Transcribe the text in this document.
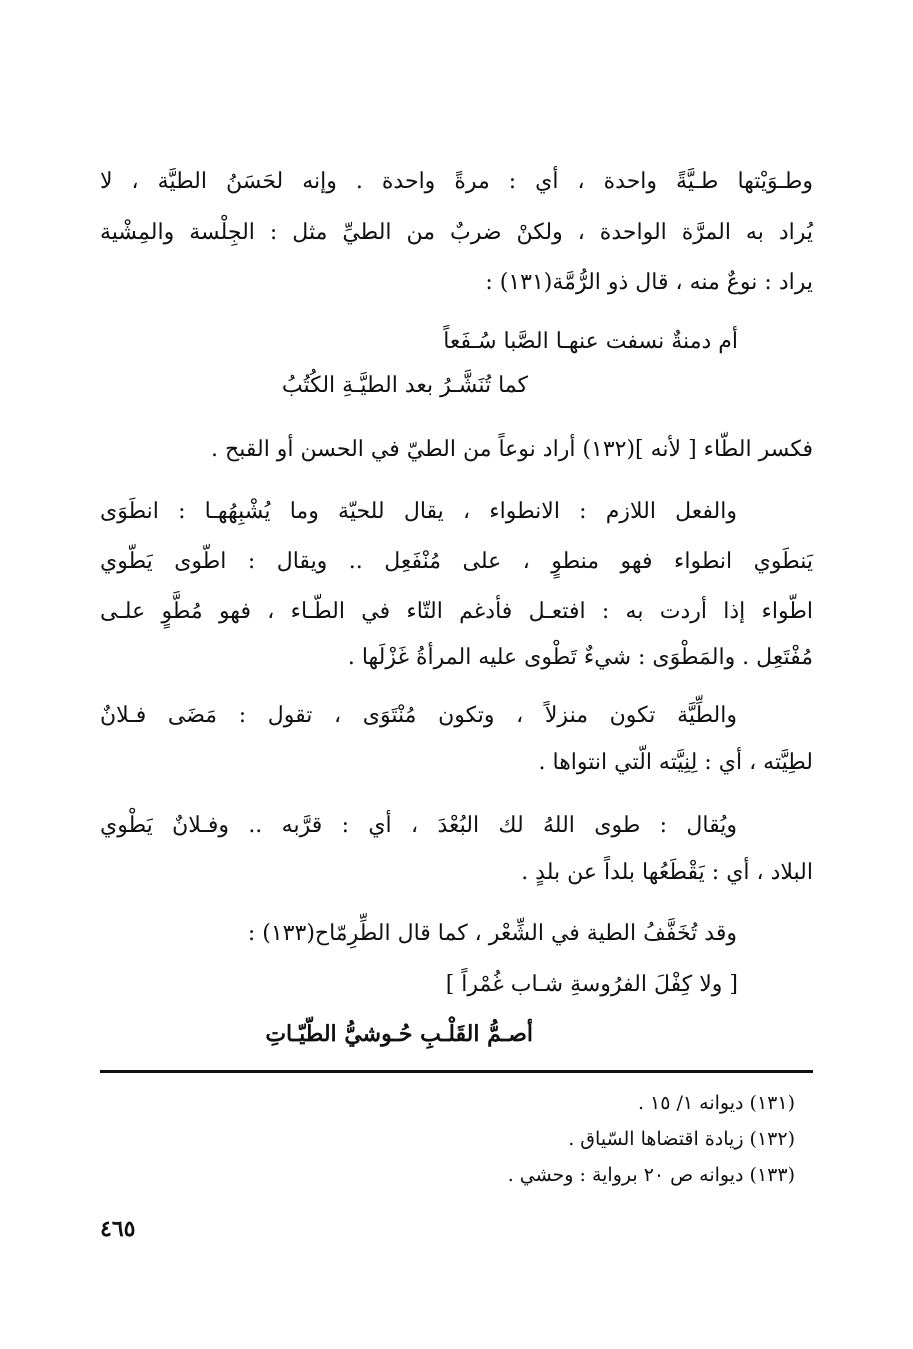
وطـوَيْتها طـيَّةً واحدة ، أي : مرةً واحدة . وإنه لحَسَنُ الطيَّة ، لا
يُراد به المرَّة الواحدة ، ولكنْ ضربٌ من الطيِّ مثل : الجِلْسة والمِشْية
يراد : نوعٌ منه ، قال ذو الرُّمَّة(١٣١) :
أم دمنةٌ نسفت عنهـا الصَّبا سُـفَعاً
كما تُنَشَّـرُ بعد الطيَّـةِ الكُتُبُ
فكسر الطّاء [ لأنه ](١٣٢) أراد نوعاً من الطيّ في الحسن أو القبح .
والفعل اللازم : الانطواء ، يقال للحيّة وما يُشْبِهُهـا : انطَوَى
يَنطَوي انطواء فهو منطوٍ ، على مُنْفَعِل .. ويقال : اطّوى يَطّوي
اطّواء إذا أردت به : افتعـل فأدغم التّاء في الطّـاء ، فهو مُطَّوٍ علـى
مُفْتَعِل . والمَطْوَى : شيءٌ تَطْوى عليه المرأةُ غَزْلَها .
والطِّيَّة تكون منزلاً ، وتكون مُنْتَوَى ، تقول : مَضَى فـلانٌ
لطِيَّته ، أي : لِنِيَّته الّتي انتواها .
ويُقال : طوى اللهُ لك البُعْدَ ، أي : قرَّبه .. وفـلانٌ يَطْوي
البلاد ، أي : يَقْطَعُها بلداً عن بلدٍ .
وقد تُخَفَّفُ الطية في الشِّعْر ، كما قال الطِّرِمّاح(١٣٣) :
[ ولا كِفْلَ الفرُوسةِ شـاب غُمْراً ]
أصـمُّ القَلْـبِ حُـوشيُّ الطّيّـاتِ
(١٣١) ديوانه ١/ ١٥ .
(١٣٢) زيادة اقتضاها السّياق .
(١٣٣) ديوانه ص ٢٠ برواية : وحشي .
٤٦٥
